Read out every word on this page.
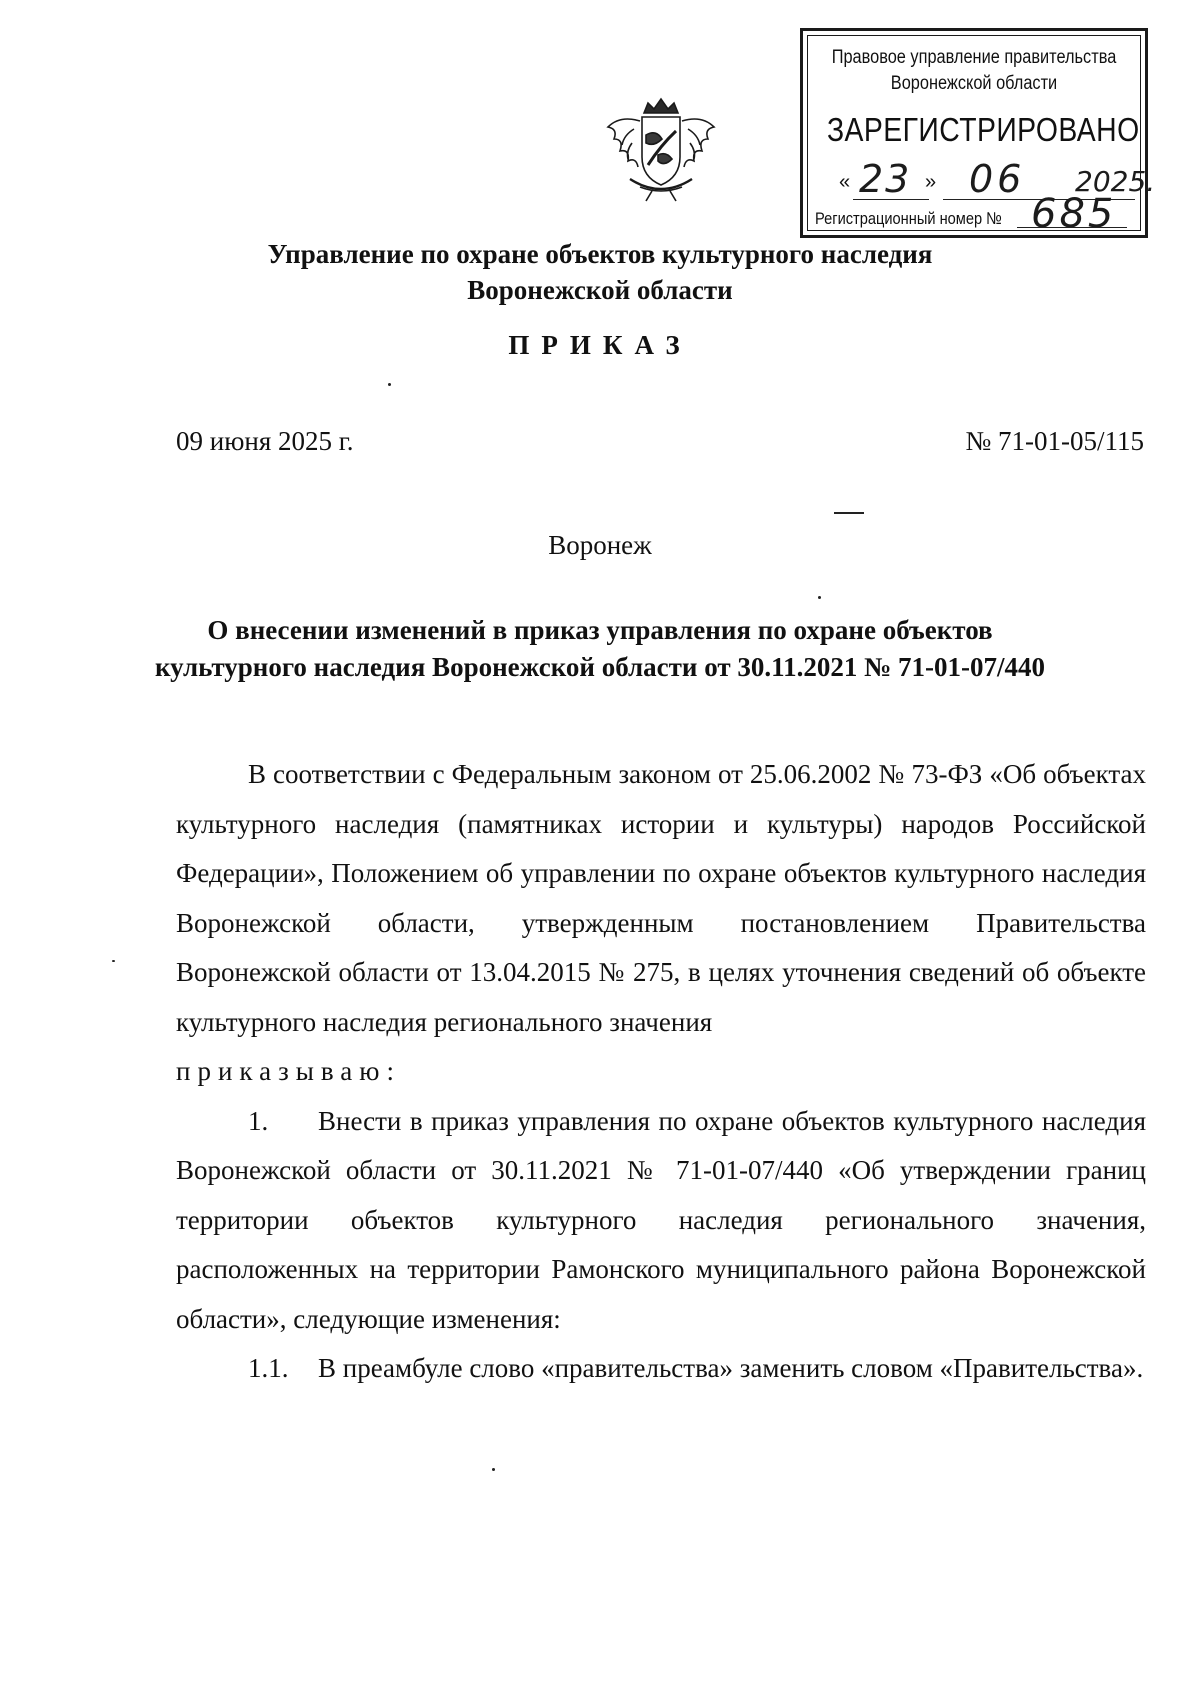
Правовое управление правительства
Воронежской области
ЗАРЕГИСТРИРОВАНО
« 23 » 06 2025.
Регистрационный номер № 685
Управление по охране объектов культурного наследия
Воронежской области
ПРИКАЗ
09 июня 2025 г.	№ 71-01-05/115
Воронеж
О внесении изменений в приказ управления по охране объектов
культурного наследия Воронежской области от 30.11.2021 № 71-01-07/440

В соответствии с Федеральным законом от 25.06.2002 № 73-ФЗ «Об объектах культурного наследия (памятниках истории и культуры) народов Российской Федерации», Положением об управлении по охране объектов культурного наследия Воронежской области, утвержденным постановлением Правительства Воронежской области от 13.04.2015 № 275, в целях уточнения сведений об объекте культурного наследия регионального значения

приказываю:

1. Внести в приказ управления по охране объектов культурного наследия Воронежской области от 30.11.2021 № 71-01-07/440 «Об утверждении границ территории объектов культурного наследия регионального значения, расположенных на территории Рамонского муниципального района Воронежской области», следующие изменения:

1.1. В преамбуле слово «правительства» заменить словом «Правительства».
